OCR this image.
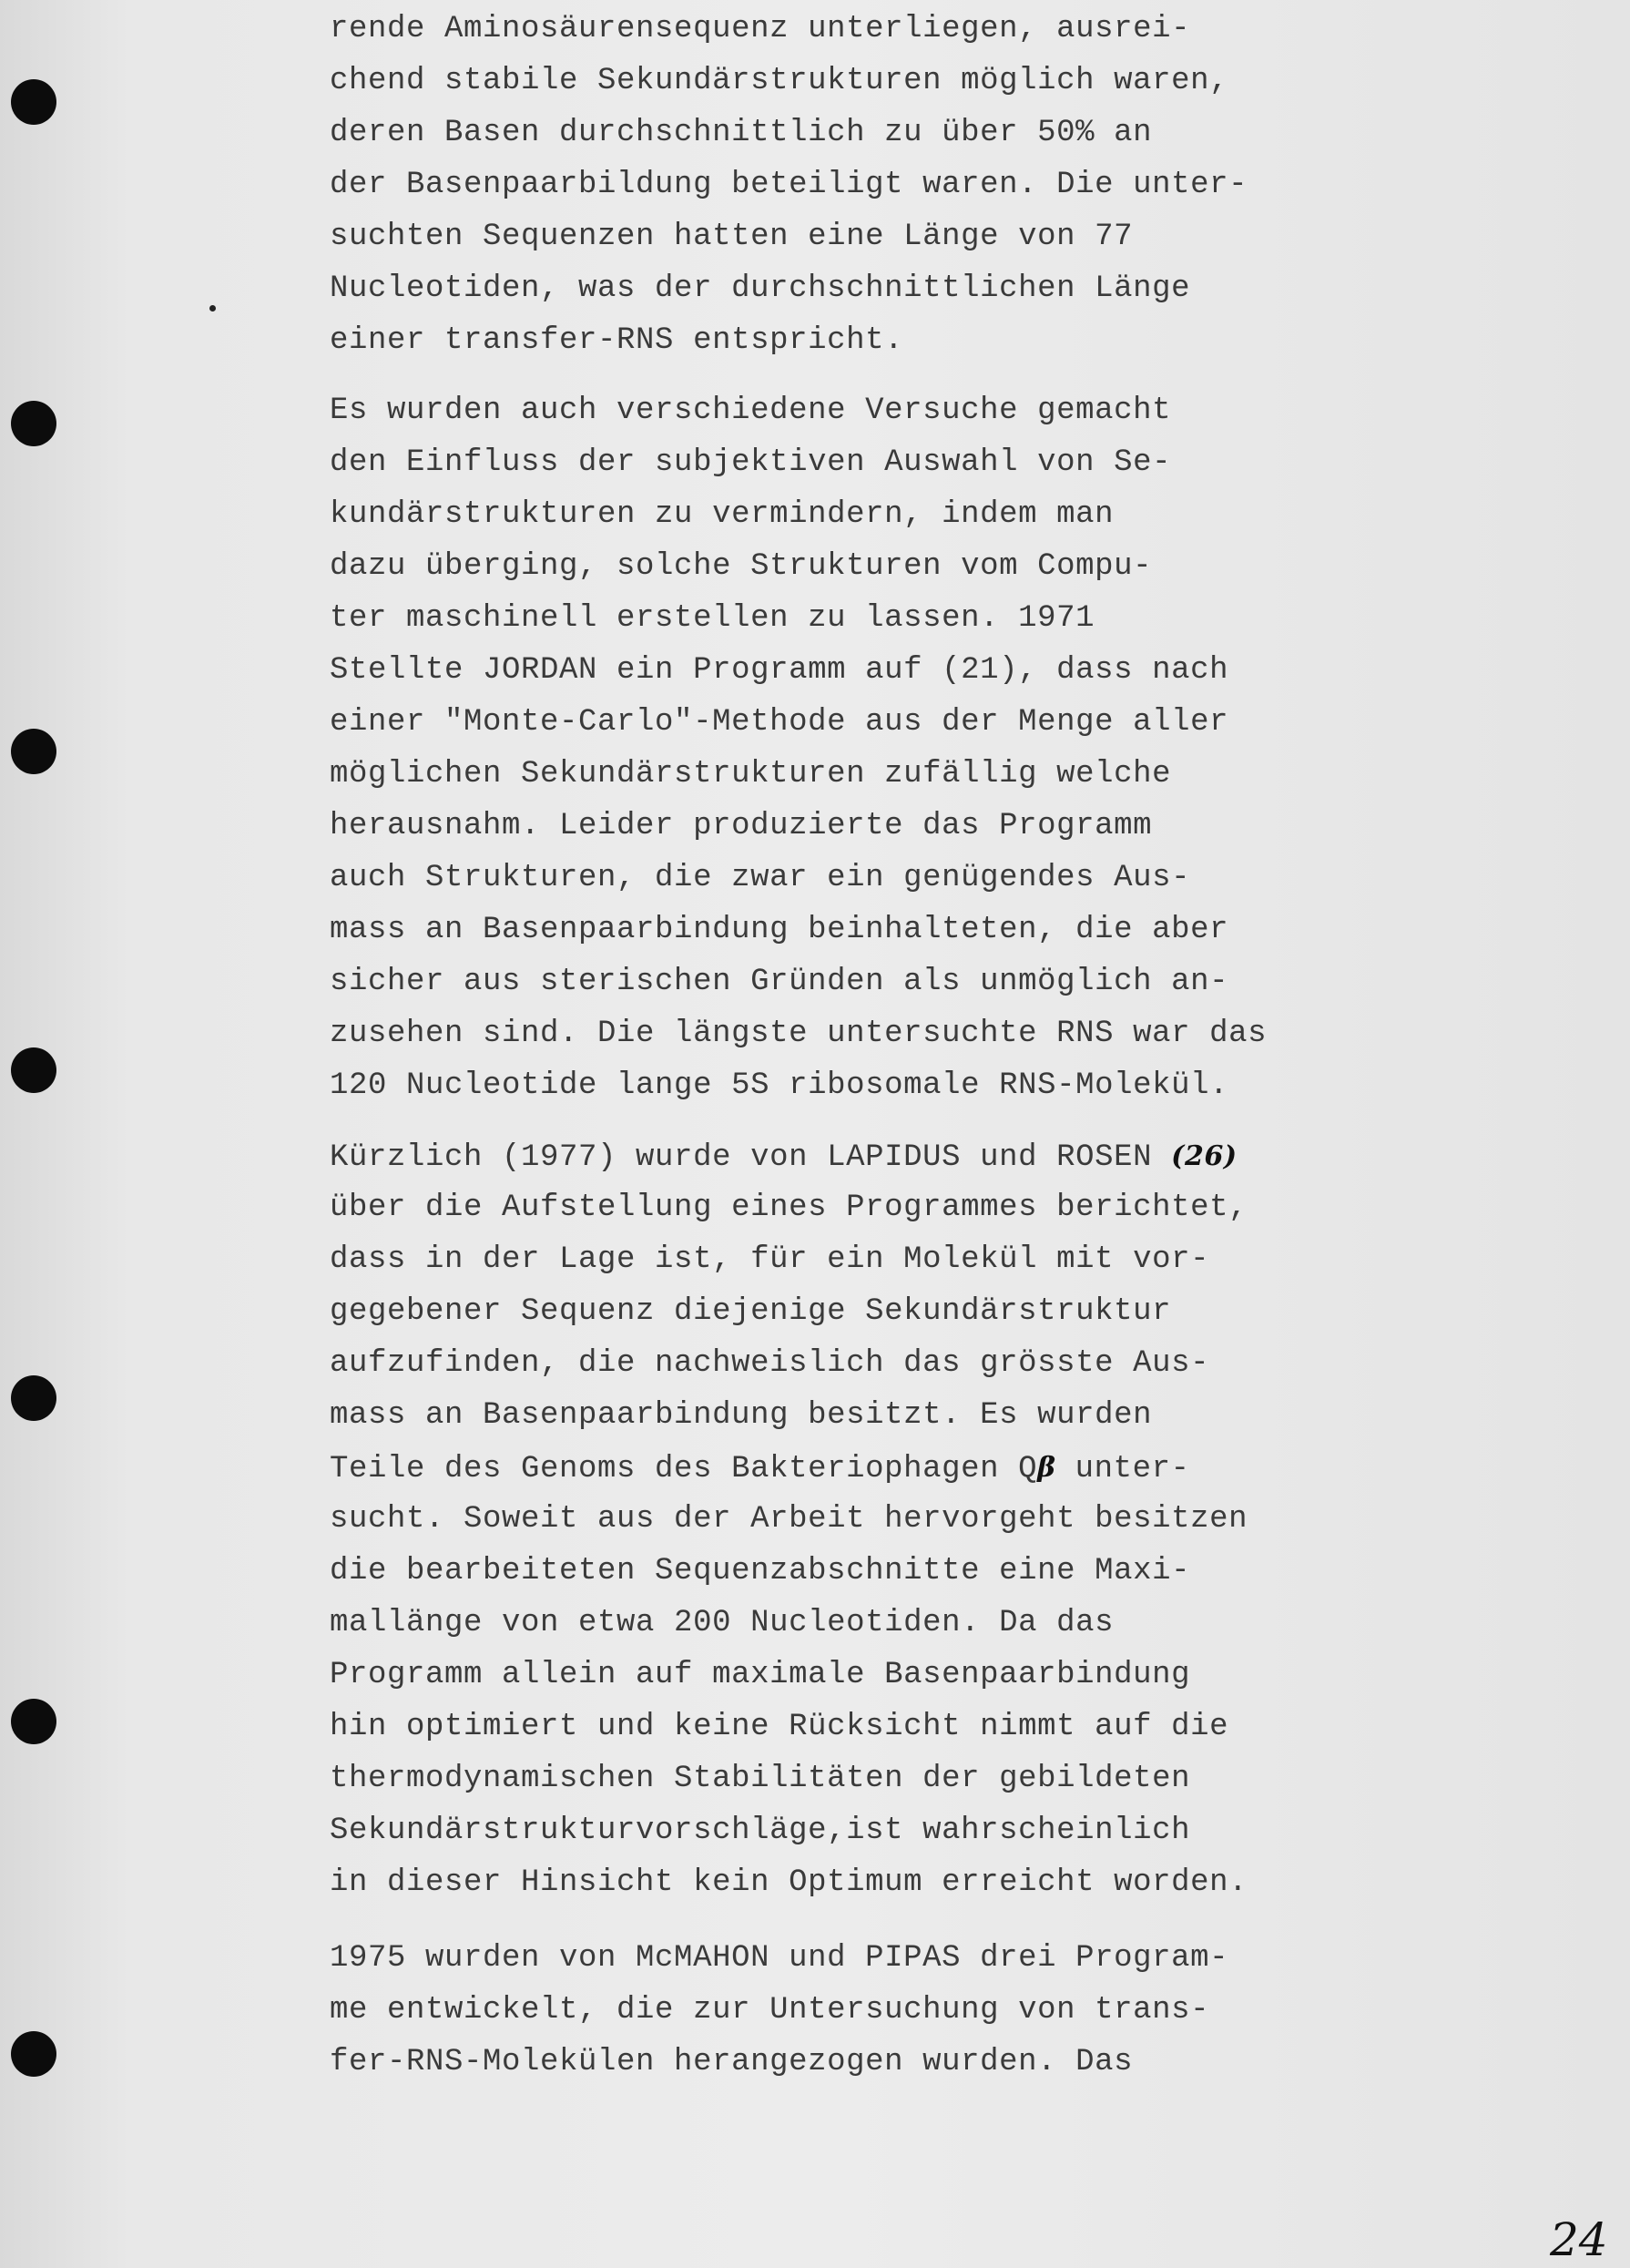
rende Aminosäurensequenz unterliegen, ausrei-
chend stabile Sekundärstrukturen möglich waren,
deren Basen durchschnittlich zu über 50% an
der Basenpaarbildung beteiligt waren. Die unter-
suchten Sequenzen hatten eine Länge von 77
Nucleotiden, was der durchschnittlichen Länge
einer transfer-RNS entspricht.
Es wurden auch verschiedene Versuche gemacht
den Einfluss der subjektiven Auswahl von Se-
kundärstrukturen zu vermindern, indem man
dazu überging, solche Strukturen vom Compu-
ter maschinell erstellen zu lassen. 1971
Stellte JORDAN ein Programm auf (21), dass nach
einer "Monte-Carlo"-Methode aus der Menge aller
möglichen Sekundärstrukturen zufällig welche
herausnahm. Leider produzierte das Programm
auch Strukturen, die zwar ein genügendes Aus-
mass an Basenpaarbindung beinhalteten, die aber
sicher aus sterischen Gründen als unmöglich an-
zusehen sind. Die längste untersuchte RNS war das
120 Nucleotide lange 5S ribosomale RNS-Molekül.
Kürzlich (1977) wurde von LAPIDUS und ROSEN (26)
über die Aufstellung eines Programmes berichtet,
dass in der Lage ist, für ein Molekül mit vor-
gegebener Sequenz diejenige Sekundärstruktur
aufzufinden, die nachweislich das grösste Aus-
mass an Basenpaarbindung besitzt. Es wurden
Teile des Genoms des Bakteriophagen Qβ unter-
sucht. Soweit aus der Arbeit hervorgeht besitzen
die bearbeiteten Sequenzabschnitte eine Maxi-
mallänge von etwa 200 Nucleotiden. Da das
Programm allein auf maximale Basenpaarbindung
hin optimiert und keine Rücksicht nimmt auf die
thermodynamischen Stabilitäten der gebildeten
Sekundärstrukturvorschläge,ist wahrscheinlich
in dieser Hinsicht kein Optimum erreicht worden.
1975 wurden von McMAHON und PIPAS drei Program-
me entwickelt, die zur Untersuchung von trans-
fer-RNS-Molekülen herangezogen wurden. Das
24
